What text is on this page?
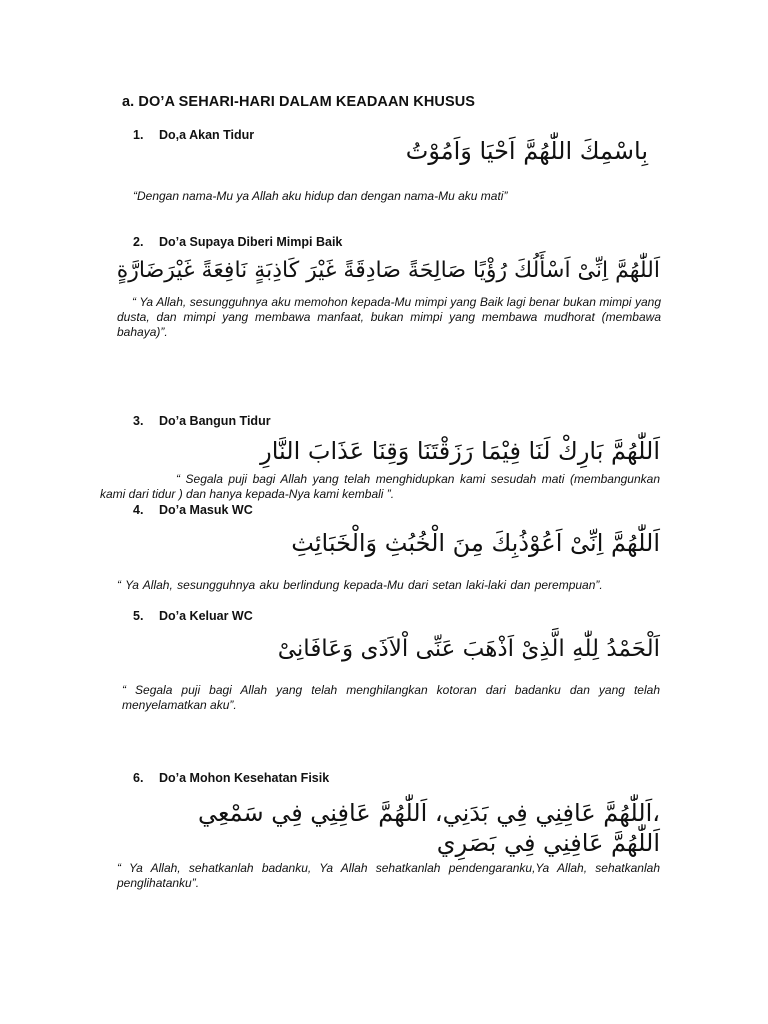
a. DO’A SEHARI-HARI DALAM KEADAAN KHUSUS
1. Do,a Akan Tidur
بِاسْمِكَ اللّٰهُمَّ اَحْيَا وَاَمُوْتُ
“Dengan nama-Mu ya Allah aku hidup dan dengan nama-Mu aku mati”
2. Do’a Supaya Diberi Mimpi Baik
اَللّٰهُمَّ اِنِّىْ اَسْأَلُكَ رُؤْيًا صَالِحَةً صَادِقَةً غَيْرَ كَاذِبَةٍ نَافِعَةً غَيْرَضَارَّةٍ
“ Ya Allah, sesungguhnya aku memohon kepada-Mu mimpi yang Baik lagi benar bukan mimpi yang dusta, dan mimpi yang membawa manfaat, bukan mimpi yang membawa mudhorat (membawa bahaya)”.
3. Do’a Bangun Tidur
اَللّٰهُمَّ بَارِكْ لَنَا فِيْمَا رَزَقْتَنَا وَقِنَا عَذَابَ النَّارِ
“ Segala puji bagi Allah yang telah menghidupkan kami sesudah mati (membangunkan kami dari tidur ) dan hanya kepada-Nya kami kembali ”.
4. Do’a Masuk WC
اَللّٰهُمَّ اِنِّىْ اَعُوْذُبِكَ مِنَ الْخُبُثِ وَالْخَبَائِثِ
“ Ya Allah, sesungguhnya aku berlindung kepada-Mu dari setan laki-laki dan perempuan”.
5. Do’a Keluar WC
اَلْحَمْدُ لِلّٰهِ الَّذِىْ اَذْهَبَ عَنِّى اْلاَذَى وَعَافَانِىْ
“ Segala puji bagi Allah yang telah menghilangkan kotoran dari badanku dan yang telah menyelamatkan aku”.
6. Do’a Mohon Kesehatan Fisik
،اَللّٰهُمَّ عَافِنِي فِي بَدَنِي، اَللّٰهُمَّ عَافِنِي فِي سَمْعِي
اَللّٰهُمَّ عَافِنِي فِي بَصَرِي
“ Ya Allah, sehatkanlah badanku, Ya Allah sehatkanlah pendengaranku,Ya Allah, sehatkanlah penglihatanku”.
